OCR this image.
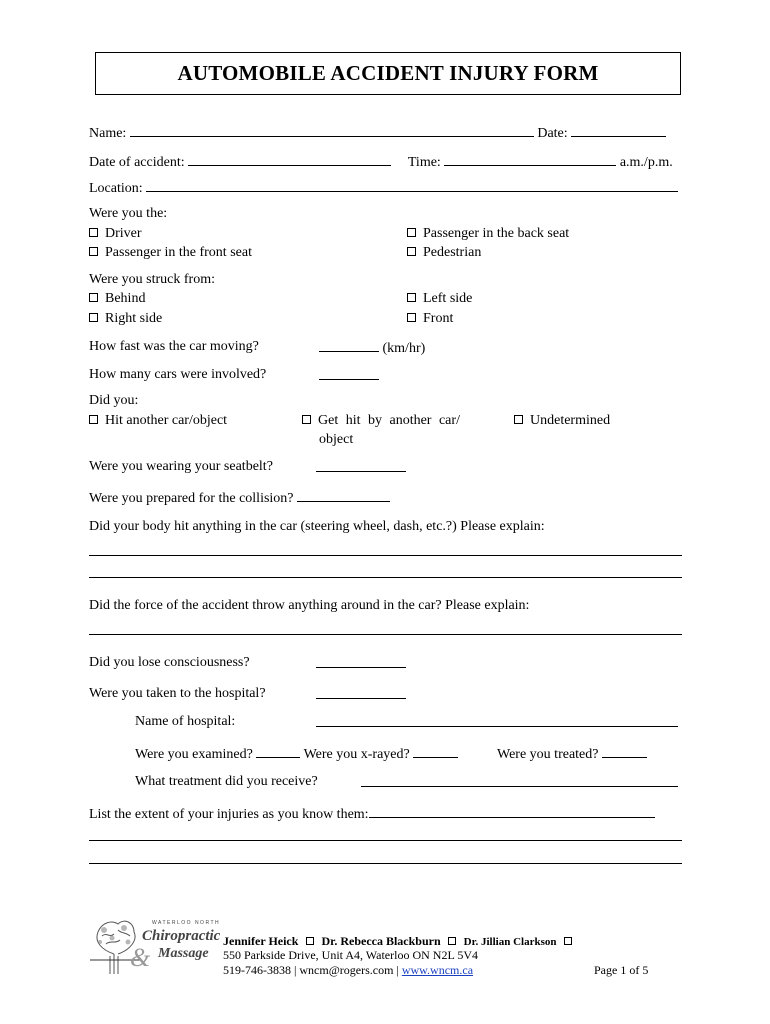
AUTOMOBILE ACCIDENT INJURY FORM
Name:	Date:
Date of accident:	Time:	a.m./p.m.
Location:
Were you the:
Driver	Passenger in the back seat
Passenger in the front seat	Pedestrian
Were you struck from:
Behind	Left side
Right side	Front
How fast was the car moving?	(km/hr)
How many cars were involved?
Did you:
Hit another car/object	Get hit by another car/
object
Undetermined
Were you wearing your seatbelt?
Were you prepared for the collision?
Did your body hit anything in the car (steering wheel, dash, etc.?) Please explain:
Did the force of the accident throw anything around in the car? Please explain:
Did you lose consciousness?
Were you taken to the hospital?
Name of hospital:
Were you examined?	Were you x-rayed?	Were you treated?
What treatment did you receive?
List the extent of your injuries as you know them:
WATERLOO NORTH
Chiropractic
& Massage
Jennifer Heick Dr. Rebecca Blackburn Dr. Jillian Clarkson
550 Parkside Drive, Unit A4, Waterloo ON N2L 5V4
519-746-3838 | wncm@rogers.com | www.wncm.ca	Page 1 of 5
